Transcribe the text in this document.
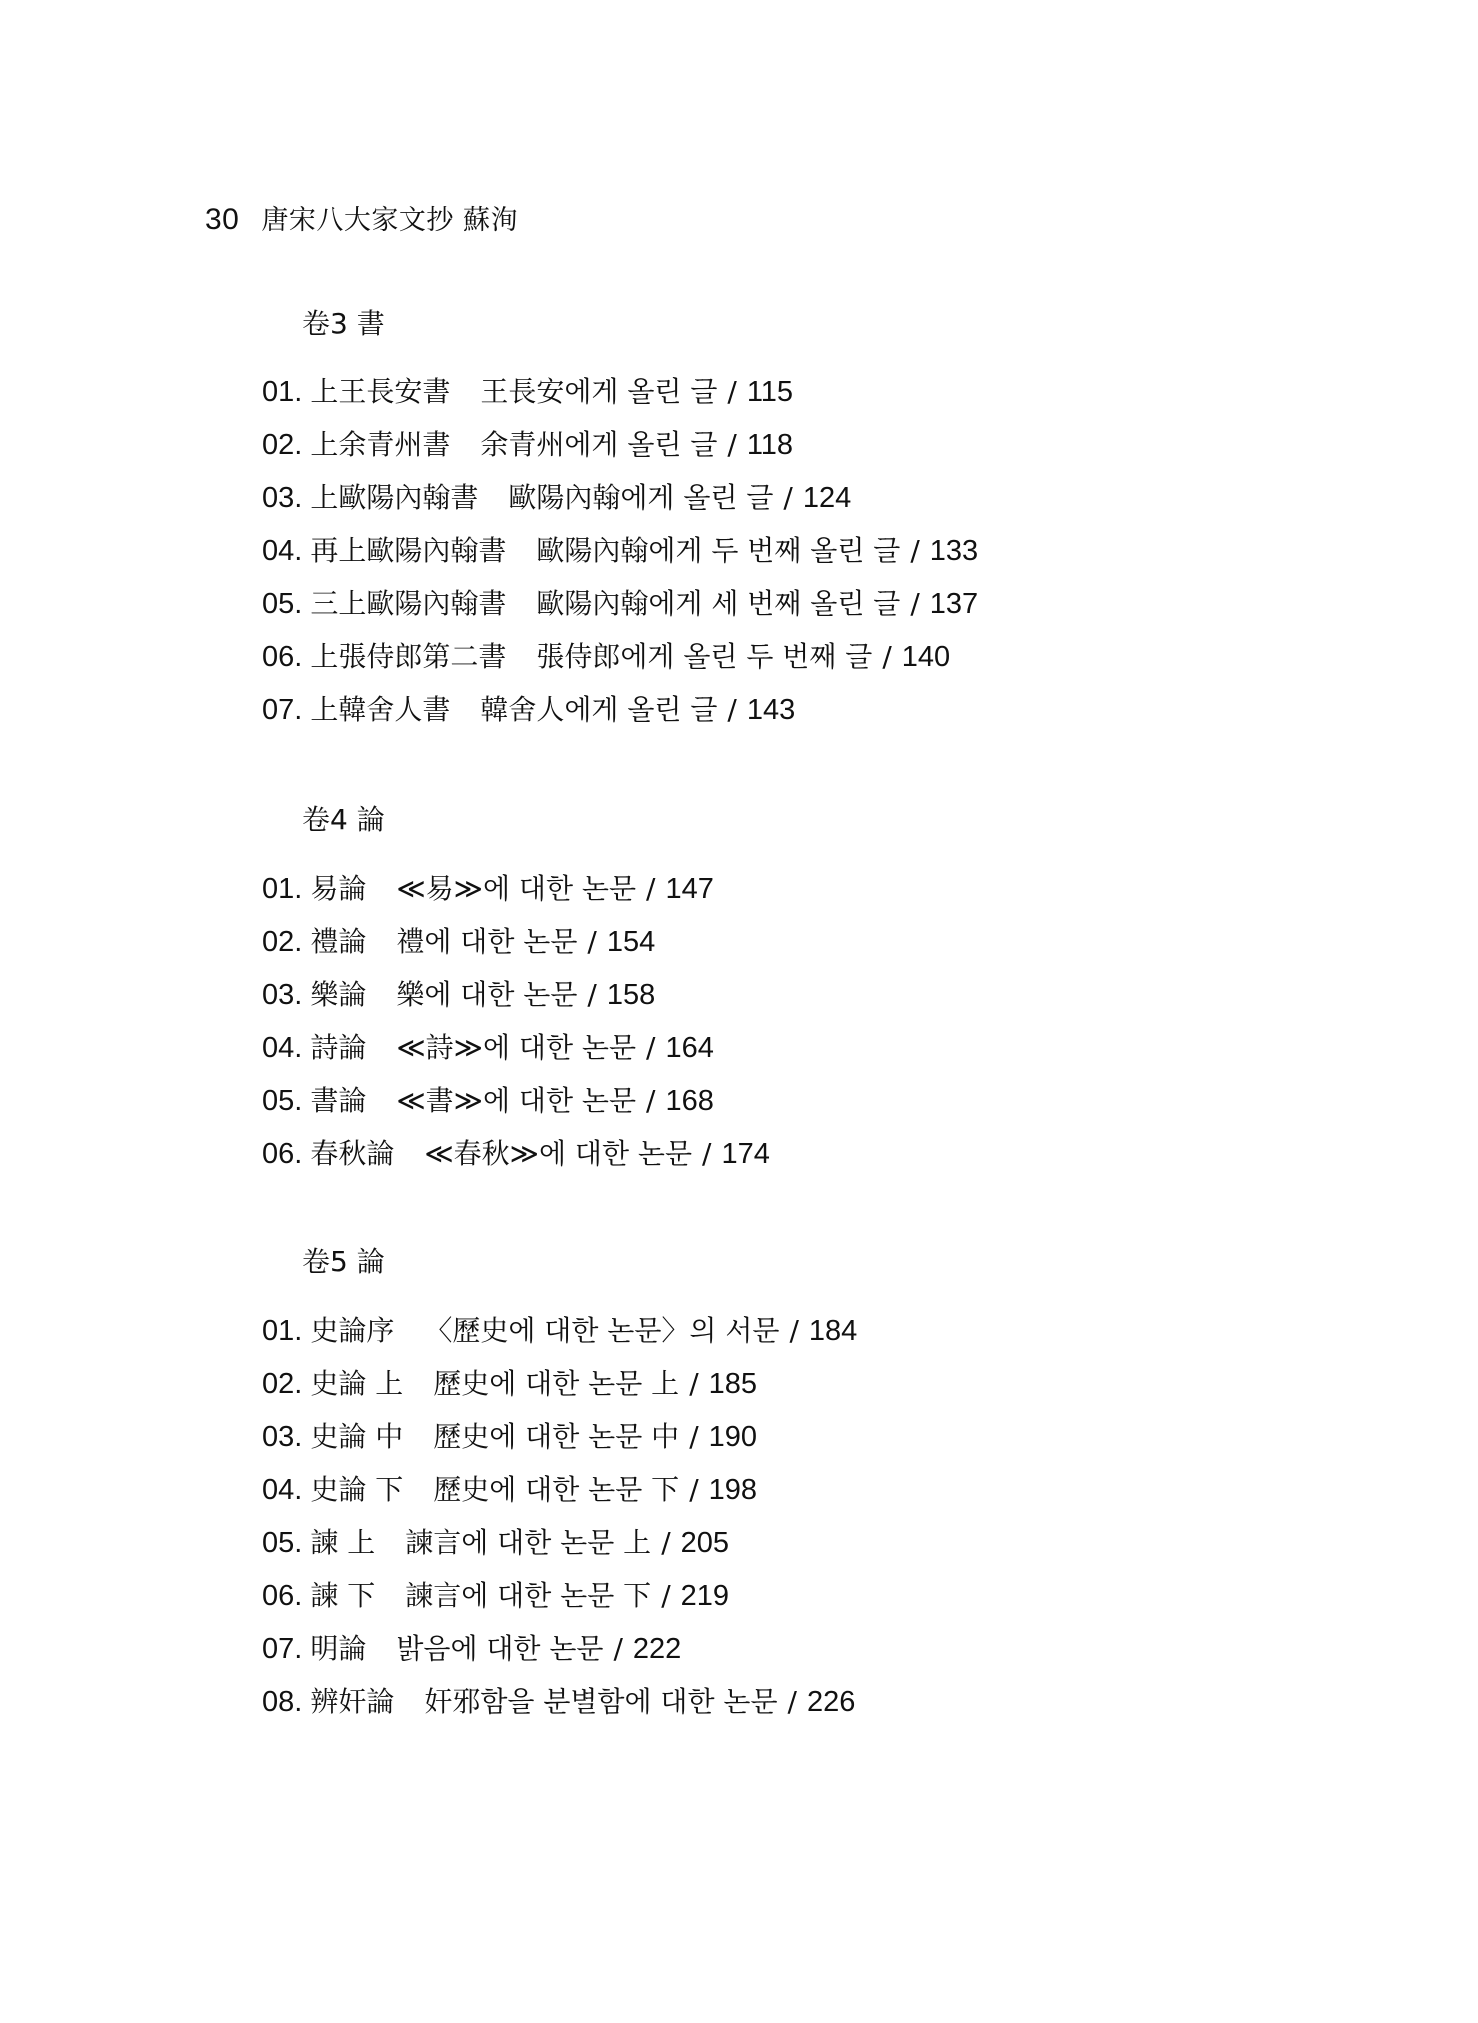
30 唐宋八大家文抄 蘇洵
卷3 書
01. 上王長安書 王長安에게 올린 글 / 115
02. 上余青州書 余青州에게 올린 글 / 118
03. 上歐陽內翰書 歐陽內翰에게 올린 글 / 124
04. 再上歐陽內翰書 歐陽內翰에게 두 번째 올린 글 / 133
05. 三上歐陽內翰書 歐陽內翰에게 세 번째 올린 글 / 137
06. 上張侍郎第二書 張侍郎에게 올린 두 번째 글 / 140
07. 上韓舍人書 韓舍人에게 올린 글 / 143
卷4 論
01. 易論 ≪易≫에 대한 논문 / 147
02. 禮論 禮에 대한 논문 / 154
03. 樂論 樂에 대한 논문 / 158
04. 詩論 ≪詩≫에 대한 논문 / 164
05. 書論 ≪書≫에 대한 논문 / 168
06. 春秋論 ≪春秋≫에 대한 논문 / 174
卷5 論
01. 史論序 〈歷史에 대한 논문〉의 서문 / 184
02. 史論 上 歷史에 대한 논문 上 / 185
03. 史論 中 歷史에 대한 논문 中 / 190
04. 史論 下 歷史에 대한 논문 下 / 198
05. 諫 上 諫言에 대한 논문 上 / 205
06. 諫 下 諫言에 대한 논문 下 / 219
07. 明論 밝음에 대한 논문 / 222
08. 辨奸論 奸邪함을 분별함에 대한 논문 / 226
